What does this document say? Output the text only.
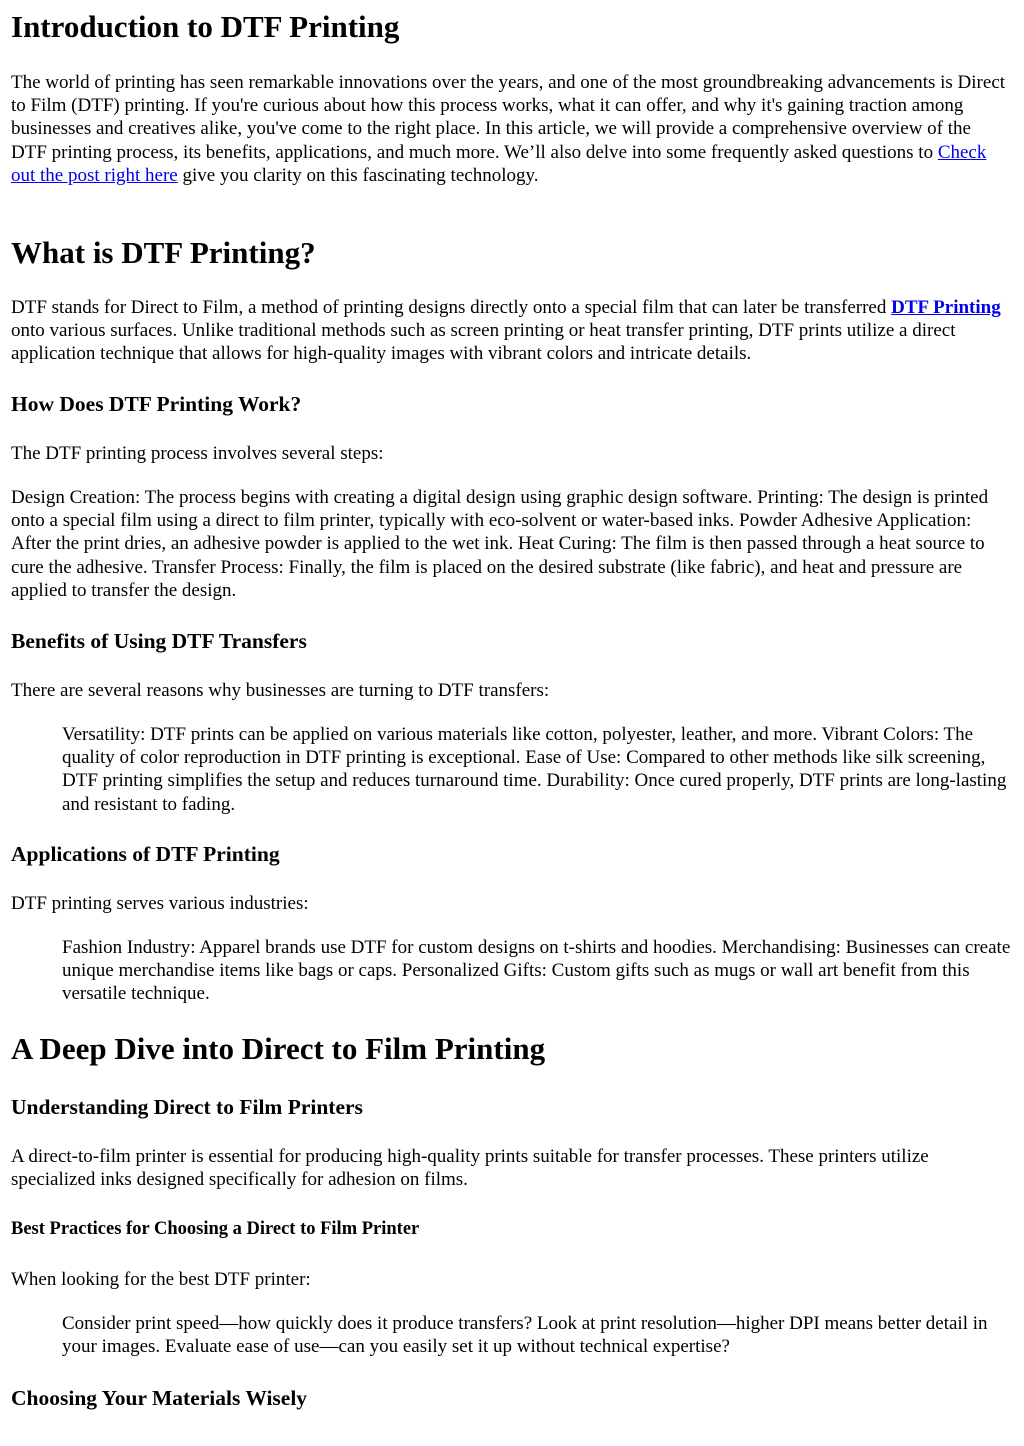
Introduction to DTF Printing

The world of printing has seen remarkable innovations over the years, and one of the most groundbreaking advancements is Direct to Film (DTF) printing. If you're curious about how this process works, what it can offer, and why it's gaining traction among businesses and creatives alike, you've come to the right place. In this article, we will provide a comprehensive overview of the DTF printing process, its benefits, applications, and much more. We’ll also delve into some frequently asked questions to Check out the post right here give you clarity on this fascinating technology.

What is DTF Printing?

DTF stands for Direct to Film, a method of printing designs directly onto a special film that can later be transferred DTF Printing onto various surfaces. Unlike traditional methods such as screen printing or heat transfer printing, DTF prints utilize a direct application technique that allows for high-quality images with vibrant colors and intricate details.

How Does DTF Printing Work?

The DTF printing process involves several steps:

Design Creation: The process begins with creating a digital design using graphic design software. Printing: The design is printed onto a special film using a direct to film printer, typically with eco-solvent or water-based inks. Powder Adhesive Application: After the print dries, an adhesive powder is applied to the wet ink. Heat Curing: The film is then passed through a heat source to cure the adhesive. Transfer Process: Finally, the film is placed on the desired substrate (like fabric), and heat and pressure are applied to transfer the design.

Benefits of Using DTF Transfers

There are several reasons why businesses are turning to DTF transfers:

Versatility: DTF prints can be applied on various materials like cotton, polyester, leather, and more. Vibrant Colors: The quality of color reproduction in DTF printing is exceptional. Ease of Use: Compared to other methods like silk screening, DTF printing simplifies the setup and reduces turnaround time. Durability: Once cured properly, DTF prints are long-lasting and resistant to fading.
Applications of DTF Printing

DTF printing serves various industries:

Fashion Industry: Apparel brands use DTF for custom designs on t-shirts and hoodies. Merchandising: Businesses can create unique merchandise items like bags or caps. Personalized Gifts: Custom gifts such as mugs or wall art benefit from this versatile technique.
A Deep Dive into Direct to Film Printing
Understanding Direct to Film Printers

A direct-to-film printer is essential for producing high-quality prints suitable for transfer processes. These printers utilize specialized inks designed specifically for adhesion on films.

Best Practices for Choosing a Direct to Film Printer

When looking for the best DTF printer:

Consider print speed—how quickly does it produce transfers? Look at print resolution—higher DPI means better detail in your images. Evaluate ease of use—can you easily set it up without technical expertise?
Choosing Your Materials Wisely
